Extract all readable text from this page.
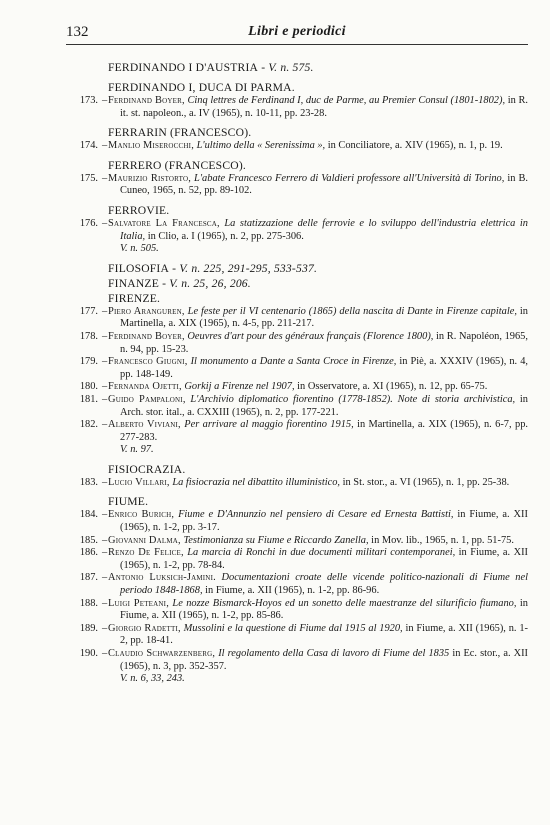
132	Libri e periodici
FERDINANDO I D'AUSTRIA - V. n. 575.
FERDINANDO I, DUCA DI PARMA.
173. – Ferdinand Boyer, Cinq lettres de Ferdinand I, duc de Parme, au Premier Consul (1801-1802), in R. it. st. napoleon., a. IV (1965), n. 10-11, pp. 23-28.
FERRARIN (FRANCESCO).
174. – Manlio Miserocchi, L'ultimo della « Serenissima », in Conciliatore, a. XIV (1965), n. 1, p. 19.
FERRERO (FRANCESCO).
175. – Maurizio Ristorto, L'abate Francesco Ferrero di Valdieri professore all'Università di Torino, in B. Cuneo, 1965, n. 52, pp. 89-102.
FERROVIE.
176. – Salvatore La Francesca, La statizzazione delle ferrovie e lo sviluppo dell'industria elettrica in Italia, in Clio, a. I (1965), n. 2, pp. 275-306.
V. n. 505.
FILOSOFIA - V. n. 225, 291-295, 533-537.
FINANZE - V. n. 25, 26, 206.
FIRENZE.
177. – Piero Aranguren, Le feste per il VI centenario (1865) della nascita di Dante in Firenze capitale, in Martinella, a. XIX (1965), n. 4-5, pp. 211-217.
178. – Ferdinand Boyer, Oeuvres d'art pour des généraux français (Florence 1800), in R. Napoléon, 1965, n. 94, pp. 15-23.
179. – Francesco Giugni, Il monumento a Dante a Santa Croce in Firenze, in Piè, a. XXXIV (1965), n. 4, pp. 148-149.
180. – Fernanda Ojetti, Gorkij a Firenze nel 1907, in Osservatore, a. XI (1965), n. 12, pp. 65-75.
181. – Guido Pampaloni, L'Archivio diplomatico fiorentino (1778-1852). Note di storia archivistica, in Arch. stor. ital., a. CXXIII (1965), n. 2, pp. 177-221.
182. – Alberto Viviani, Per arrivare al maggio fiorentino 1915, in Martinella, a. XIX (1965), n. 6-7, pp. 277-283.
V. n. 97.
FISIOCRAZIA.
183. – Lucio Villari, La fisiocrazia nel dibattito illuministico, in St. stor., a. VI (1965), n. 1, pp. 25-38.
FIUME.
184. – Enrico Burich, Fiume e D'Annunzio nel pensiero di Cesare ed Ernesta Battisti, in Fiume, a. XII (1965), n. 1-2, pp. 3-17.
185. – Giovanni Dalma, Testimonianza su Fiume e Riccardo Zanella, in Mov. lib., 1965, n. 1, pp. 51-75.
186. – Renzo De Felice, La marcia di Ronchi in due documenti militari contemporanei, in Fiume, a. XII (1965), n. 1-2, pp. 78-84.
187. – Antonio Luksich-Jamini. Documentazioni croate delle vicende politico-nazionali di Fiume nel periodo 1848-1868, in Fiume, a. XII (1965), n. 1-2, pp. 86-96.
188. – Luigi Peteani, Le nozze Bismarck-Hoyos ed un sonetto delle maestranze del silurificio fiumano, in Fiume, a. XII (1965), n. 1-2, pp. 85-86.
189. – Giorgio Radetti, Mussolini e la questione di Fiume dal 1915 al 1920, in Fiume, a. XII (1965), n. 1-2, pp. 18-41.
190. – Claudio Schwarzenberg, Il regolamento della Casa di lavoro di Fiume del 1835 in Ec. stor., a. XII (1965), n. 3, pp. 352-357.
V. n. 6, 33, 243.
